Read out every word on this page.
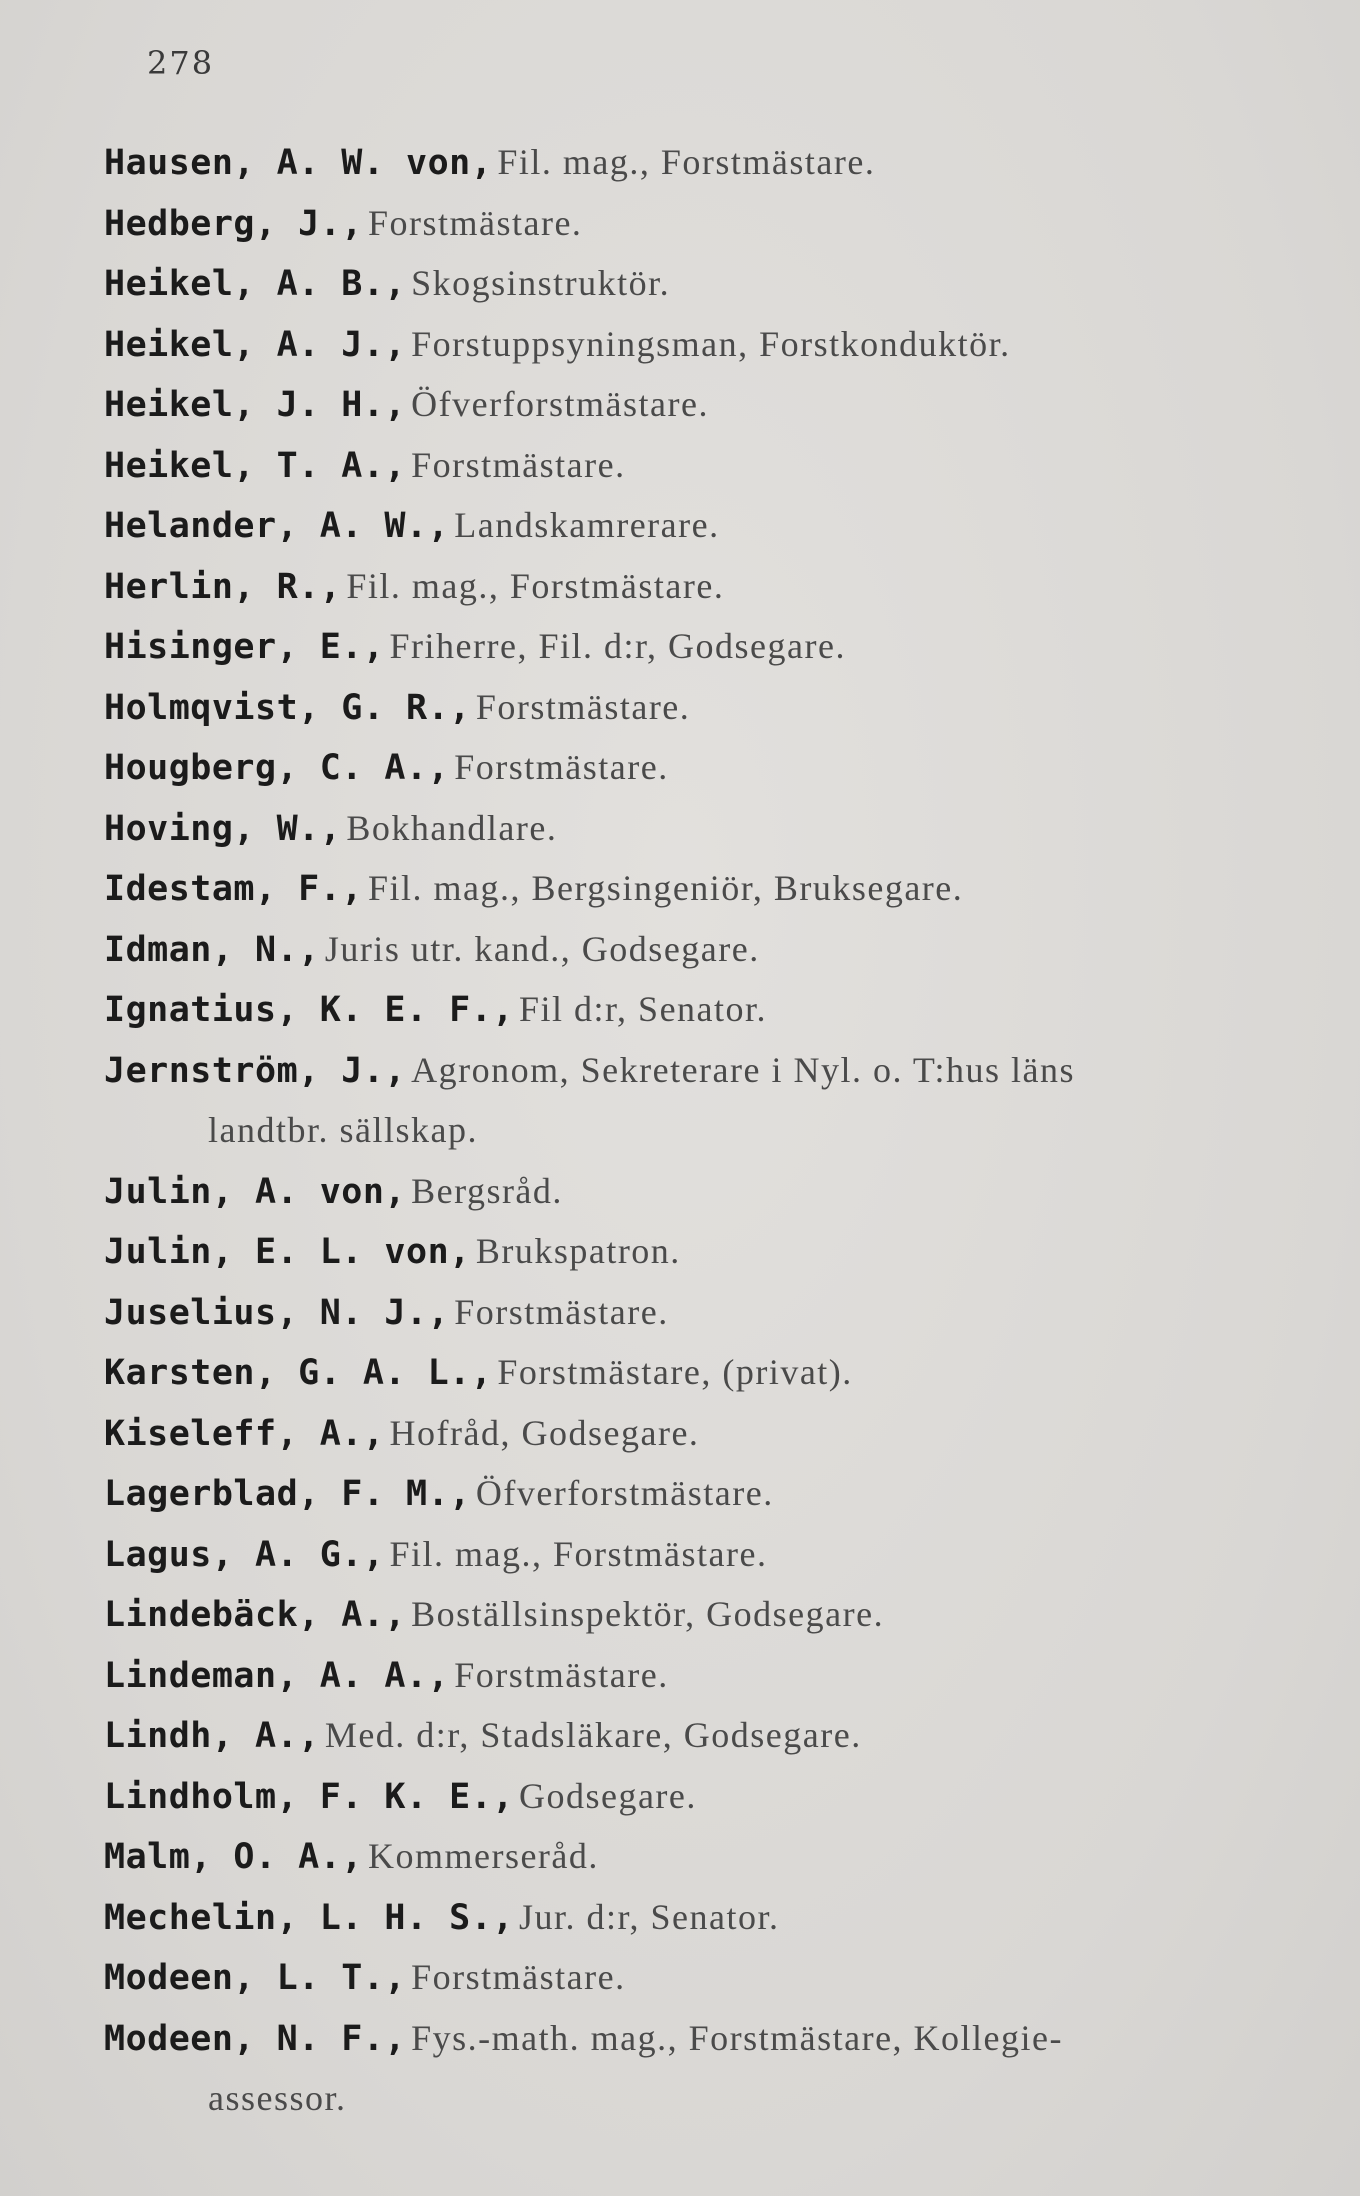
278
Hausen, A. W. von, Fil. mag., Forstmästare.
Hedberg, J., Forstmästare.
Heikel, A. B., Skogsinstruktör.
Heikel, A. J., Forstuppsyningsman, Forstkonduktör.
Heikel, J. H., Öfverforstmästare.
Heikel, T. A., Forstmästare.
Helander, A. W., Landskamrerare.
Herlin, R., Fil. mag., Forstmästare.
Hisinger, E., Friherre, Fil. d:r, Godsegare.
Holmqvist, G. R., Forstmästare.
Hougberg, C. A., Forstmästare.
Hoving, W., Bokhandlare.
Idestam, F., Fil. mag., Bergsingeniör, Bruksegare.
Idman, N., Juris utr. kand., Godsegare.
Ignatius, K. E. F., Fil d:r, Senator.
Jernström, J., Agronom, Sekreterare i Nyl. o. T:hus läns
landtbr. sällskap.
Julin, A. von, Bergsråd.
Julin, E. L. von, Brukspatron.
Juselius, N. J., Forstmästare.
Karsten, G. A. L., Forstmästare, (privat).
Kiseleff, A., Hofråd, Godsegare.
Lagerblad, F. M., Öfverforstmästare.
Lagus, A. G., Fil. mag., Forstmästare.
Lindebäck, A., Boställsinspektör, Godsegare.
Lindeman, A. A., Forstmästare.
Lindh, A., Med. d:r, Stadsläkare, Godsegare.
Lindholm, F. K. E., Godsegare.
Malm, O. A., Kommerseråd.
Mechelin, L. H. S., Jur. d:r, Senator.
Modeen, L. T., Forstmästare.
Modeen, N. F., Fys.-math. mag., Forstmästare, Kollegie-
assessor.
